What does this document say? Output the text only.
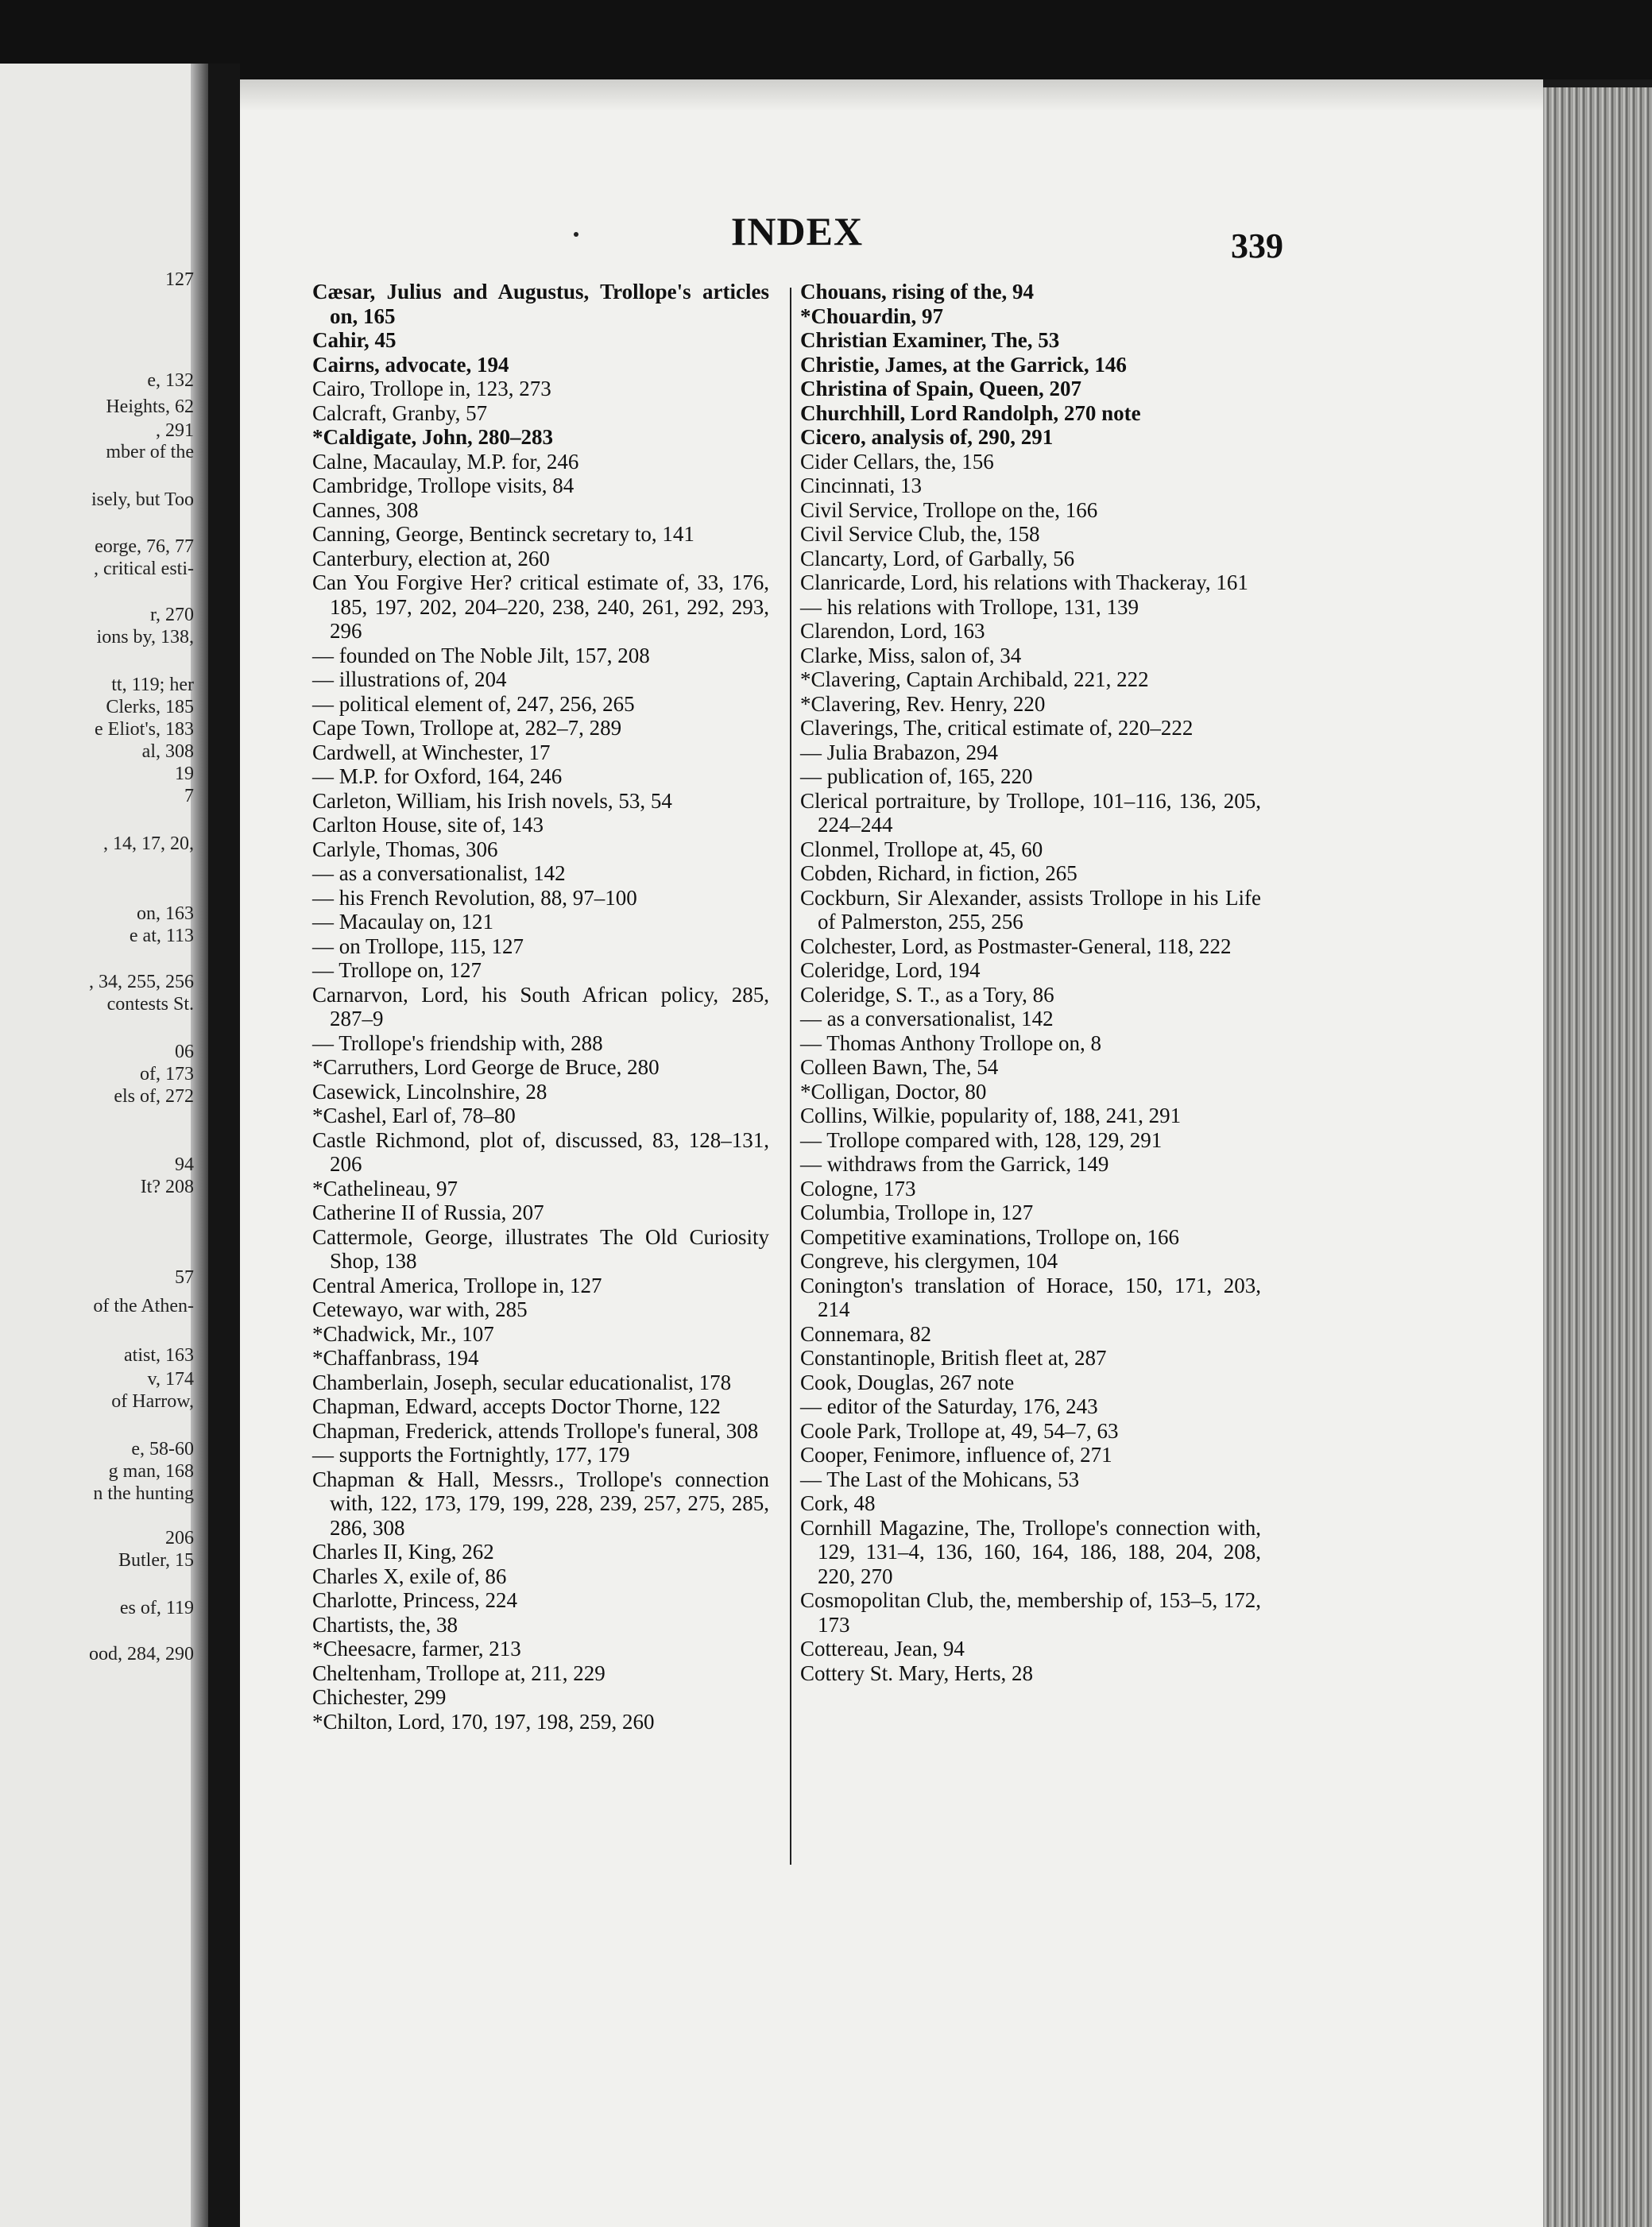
127
e, 132
Heights, 62
, 291
mber of the
isely, but Too
eorge, 76, 77
, critical esti-
r, 270
ions by, 138,
tt, 119; her
Clerks, 185
e Eliot's, 183
al, 308
19
7
, 14, 17, 20,
on, 163
e at, 113
, 34, 255, 256
contests St.
06
of, 173
els of, 272
94
It? 208
57
of the Athen-
atist, 163
v, 174
of Harrow,
e, 58-60
g man, 168
n the hunting
206
Butler, 15
es of, 119
ood, 284, 290
INDEX	339

Cæsar, Julius and Augustus, Trollope's articles on, 165

Cahir, 45

Cairns, advocate, 194

Cairo, Trollope in, 123, 273

Calcraft, Granby, 57

*Caldigate, John, 280–283

Calne, Macaulay, M.P. for, 246

Cambridge, Trollope visits, 84

Cannes, 308

Canning, George, Bentinck secretary to, 141

Canterbury, election at, 260

Can You Forgive Her? critical estimate of, 33, 176, 185, 197, 202, 204–220, 238, 240, 261, 292, 293, 296

— founded on The Noble Jilt, 157, 208

— illustrations of, 204

— political element of, 247, 256, 265

Cape Town, Trollope at, 282–7, 289

Cardwell, at Winchester, 17

— M.P. for Oxford, 164, 246

Carleton, William, his Irish novels, 53, 54

Carlton House, site of, 143

Carlyle, Thomas, 306

— as a conversationalist, 142

— his French Revolution, 88, 97–100

— Macaulay on, 121

— on Trollope, 115, 127

— Trollope on, 127

Carnarvon, Lord, his South African policy, 285, 287–9

— Trollope's friendship with, 288

*Carruthers, Lord George de Bruce, 280

Casewick, Lincolnshire, 28

*Cashel, Earl of, 78–80

Castle Richmond, plot of, discussed, 83, 128–131, 206

*Cathelineau, 97

Catherine II of Russia, 207

Cattermole, George, illustrates The Old Curiosity Shop, 138

Central America, Trollope in, 127

Cetewayo, war with, 285

*Chadwick, Mr., 107

*Chaffanbrass, 194

Chamberlain, Joseph, secular educationalist, 178

Chapman, Edward, accepts Doctor Thorne, 122

Chapman, Frederick, attends Trollope's funeral, 308

— supports the Fortnightly, 177, 179

Chapman & Hall, Messrs., Trollope's connection with, 122, 173, 179, 199, 228, 239, 257, 275, 285, 286, 308

Charles II, King, 262

Charles X, exile of, 86

Charlotte, Princess, 224

Chartists, the, 38

*Cheesacre, farmer, 213

Cheltenham, Trollope at, 211, 229

Chichester, 299

*Chilton, Lord, 170, 197, 198, 259, 260

Chouans, rising of the, 94

*Chouardin, 97

Christian Examiner, The, 53

Christie, James, at the Garrick, 146

Christina of Spain, Queen, 207

Churchhill, Lord Randolph, 270 note

Cicero, analysis of, 290, 291

Cider Cellars, the, 156

Cincinnati, 13

Civil Service, Trollope on the, 166

Civil Service Club, the, 158

Clancarty, Lord, of Garbally, 56

Clanricarde, Lord, his relations with Thackeray, 161

— his relations with Trollope, 131, 139

Clarendon, Lord, 163

Clarke, Miss, salon of, 34

*Clavering, Captain Archibald, 221, 222

*Clavering, Rev. Henry, 220

Claverings, The, critical estimate of, 220–222

— Julia Brabazon, 294

— publication of, 165, 220

Clerical portraiture, by Trollope, 101–116, 136, 205, 224–244

Clonmel, Trollope at, 45, 60

Cobden, Richard, in fiction, 265

Cockburn, Sir Alexander, assists Trollope in his Life of Palmerston, 255, 256

Colchester, Lord, as Postmaster-General, 118, 222

Coleridge, Lord, 194

Coleridge, S. T., as a Tory, 86

— as a conversationalist, 142

— Thomas Anthony Trollope on, 8

Colleen Bawn, The, 54

*Colligan, Doctor, 80

Collins, Wilkie, popularity of, 188, 241, 291

— Trollope compared with, 128, 129, 291

— withdraws from the Garrick, 149

Cologne, 173

Columbia, Trollope in, 127

Competitive examinations, Trollope on, 166

Congreve, his clergymen, 104

Conington's translation of Horace, 150, 171, 203, 214

Connemara, 82

Constantinople, British fleet at, 287

Cook, Douglas, 267 note

— editor of the Saturday, 176, 243

Coole Park, Trollope at, 49, 54–7, 63

Cooper, Fenimore, influence of, 271

— The Last of the Mohicans, 53

Cork, 48

Cornhill Magazine, The, Trollope's connection with, 129, 131–4, 136, 160, 164, 186, 188, 204, 208, 220, 270

Cosmopolitan Club, the, membership of, 153–5, 172, 173

Cottereau, Jean, 94

Cottery St. Mary, Herts, 28
